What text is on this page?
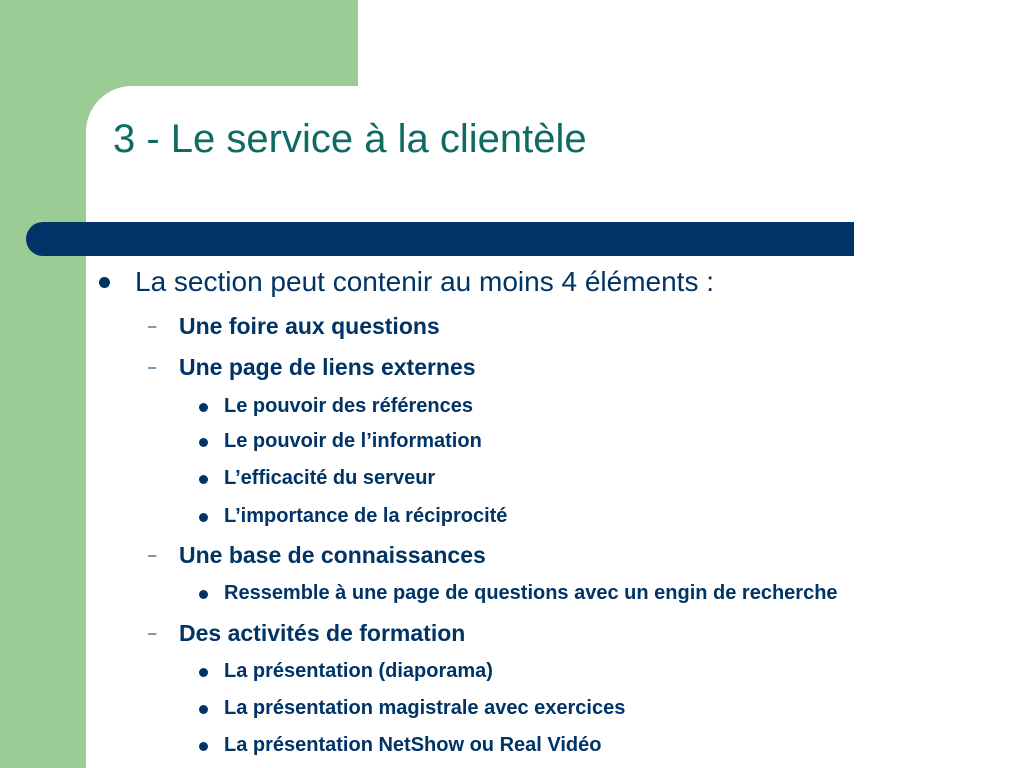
3 - Le service à la clientèle
La section peut contenir au moins 4 éléments :
– Une foire aux questions
– Une page de liens externes
Le pouvoir des références
Le pouvoir de l’information
L’efficacité du serveur
L’importance de la réciprocité
– Une base de connaissances
Ressemble à une page de questions avec un engin de recherche
– Des activités de formation
La présentation (diaporama)
La présentation magistrale avec exercices
La présentation NetShow ou Real Vidéo
